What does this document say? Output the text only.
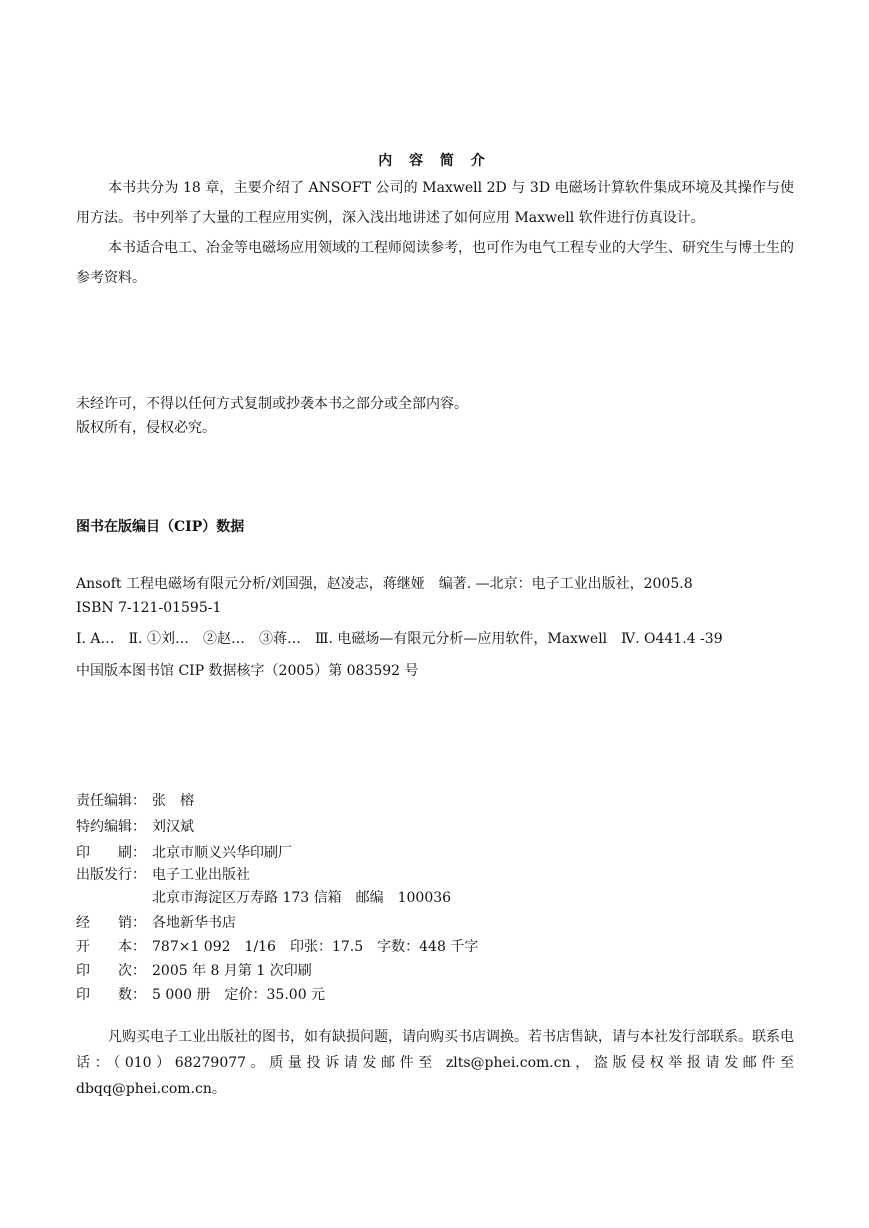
内 容 简 介
本书共分为 18 章，主要介绍了 ANSOFT 公司的 Maxwell 2D 与 3D 电磁场计算软件集成环境及其操作与使用方法。书中列举了大量的工程应用实例，深入浅出地讲述了如何应用 Maxwell 软件进行仿真设计。
本书适合电工、冶金等电磁场应用领域的工程师阅读参考，也可作为电气工程专业的大学生、研究生与博士生的参考资料。
未经许可，不得以任何方式复制或抄袭本书之部分或全部内容。
版权所有，侵权必究。
图书在版编目（CIP）数据
Ansoft 工程电磁场有限元分析/刘国强，赵凌志，蒋继娅　编著. —北京：电子工业出版社，2005.8
ISBN 7-121-01595-1
Ⅰ. A…　Ⅱ. ①刘…　②赵…　③蒋…　Ⅲ. 电磁场—有限元分析—应用软件，Maxwell　Ⅳ. O441.4 -39
中国版本图书馆 CIP 数据核字（2005）第 083592 号
责任编辑： 张　榕
特约编辑： 刘汉斌
印　　刷： 北京市顺义兴华印刷厂
出版发行： 电子工业出版社
北京市海淀区万寿路 173 信箱　邮编　100036
经　　销： 各地新华书店
开　　本： 787×1 092　1/16　印张：17.5　字数：448 千字
印　　次： 2005 年 8 月第 1 次印刷
印　　数： 5 000 册　定价：35.00 元
凡购买电子工业出版社的图书，如有缺损问题，请向购买书店调换。若书店售缺，请与本社发行部联系。联系电话：（010）68279077。质量投诉请发邮件至 zlts@phei.com.cn，盗版侵权举报请发邮件至 dbqq@phei.com.cn。
